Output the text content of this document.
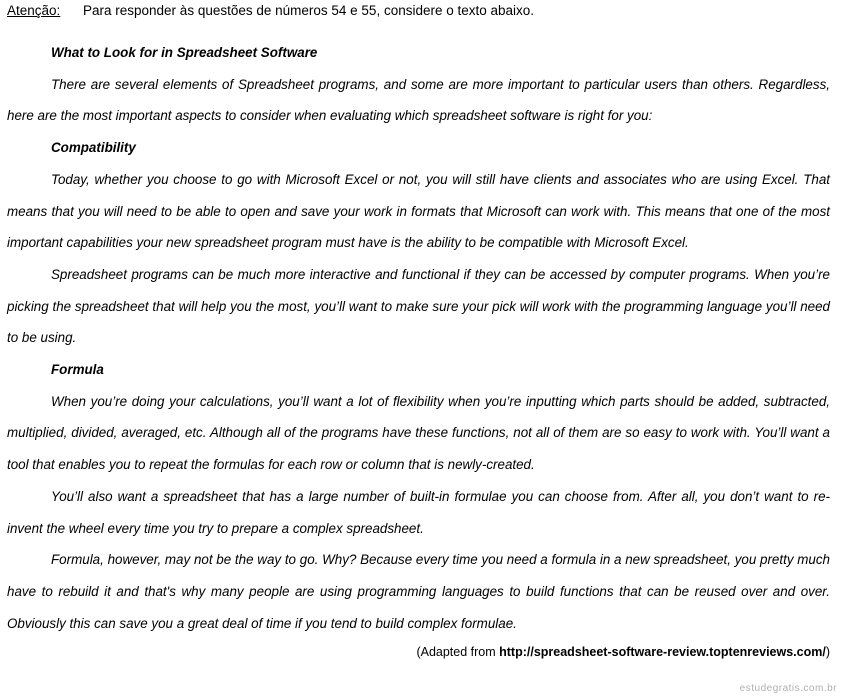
Atenção: Para responder às questões de números 54 e 55, considere o texto abaixo.
What to Look for in Spreadsheet Software

There are several elements of Spreadsheet programs, and some are more important to particular users than others. Regardless, here are the most important aspects to consider when evaluating which spreadsheet software is right for you:

Compatibility

Today, whether you choose to go with Microsoft Excel or not, you will still have clients and associates who are using Excel. That means that you will need to be able to open and save your work in formats that Microsoft can work with. This means that one of the most important capabilities your new spreadsheet program must have is the ability to be compatible with Microsoft Excel.

Spreadsheet programs can be much more interactive and functional if they can be accessed by computer programs. When you’re picking the spreadsheet that will help you the most, you’ll want to make sure your pick will work with the programming language you’ll need to be using.

Formula

When you’re doing your calculations, you’ll want a lot of flexibility when you’re inputting which parts should be added, subtracted, multiplied, divided, averaged, etc. Although all of the programs have these functions, not all of them are so easy to work with. You’ll want a tool that enables you to repeat the formulas for each row or column that is newly-created.

You’ll also want a spreadsheet that has a large number of built-in formulae you can choose from. After all, you don’t want to re-invent the wheel every time you try to prepare a complex spreadsheet.

Formula, however, may not be the way to go. Why? Because every time you need a formula in a new spreadsheet, you pretty much have to rebuild it and that's why many people are using programming languages to build functions that can be reused over and over. Obviously this can save you a great deal of time if you tend to build complex formulae.

(Adapted from http://spreadsheet-software-review.toptenreviews.com/)
estudegratis.com.br
